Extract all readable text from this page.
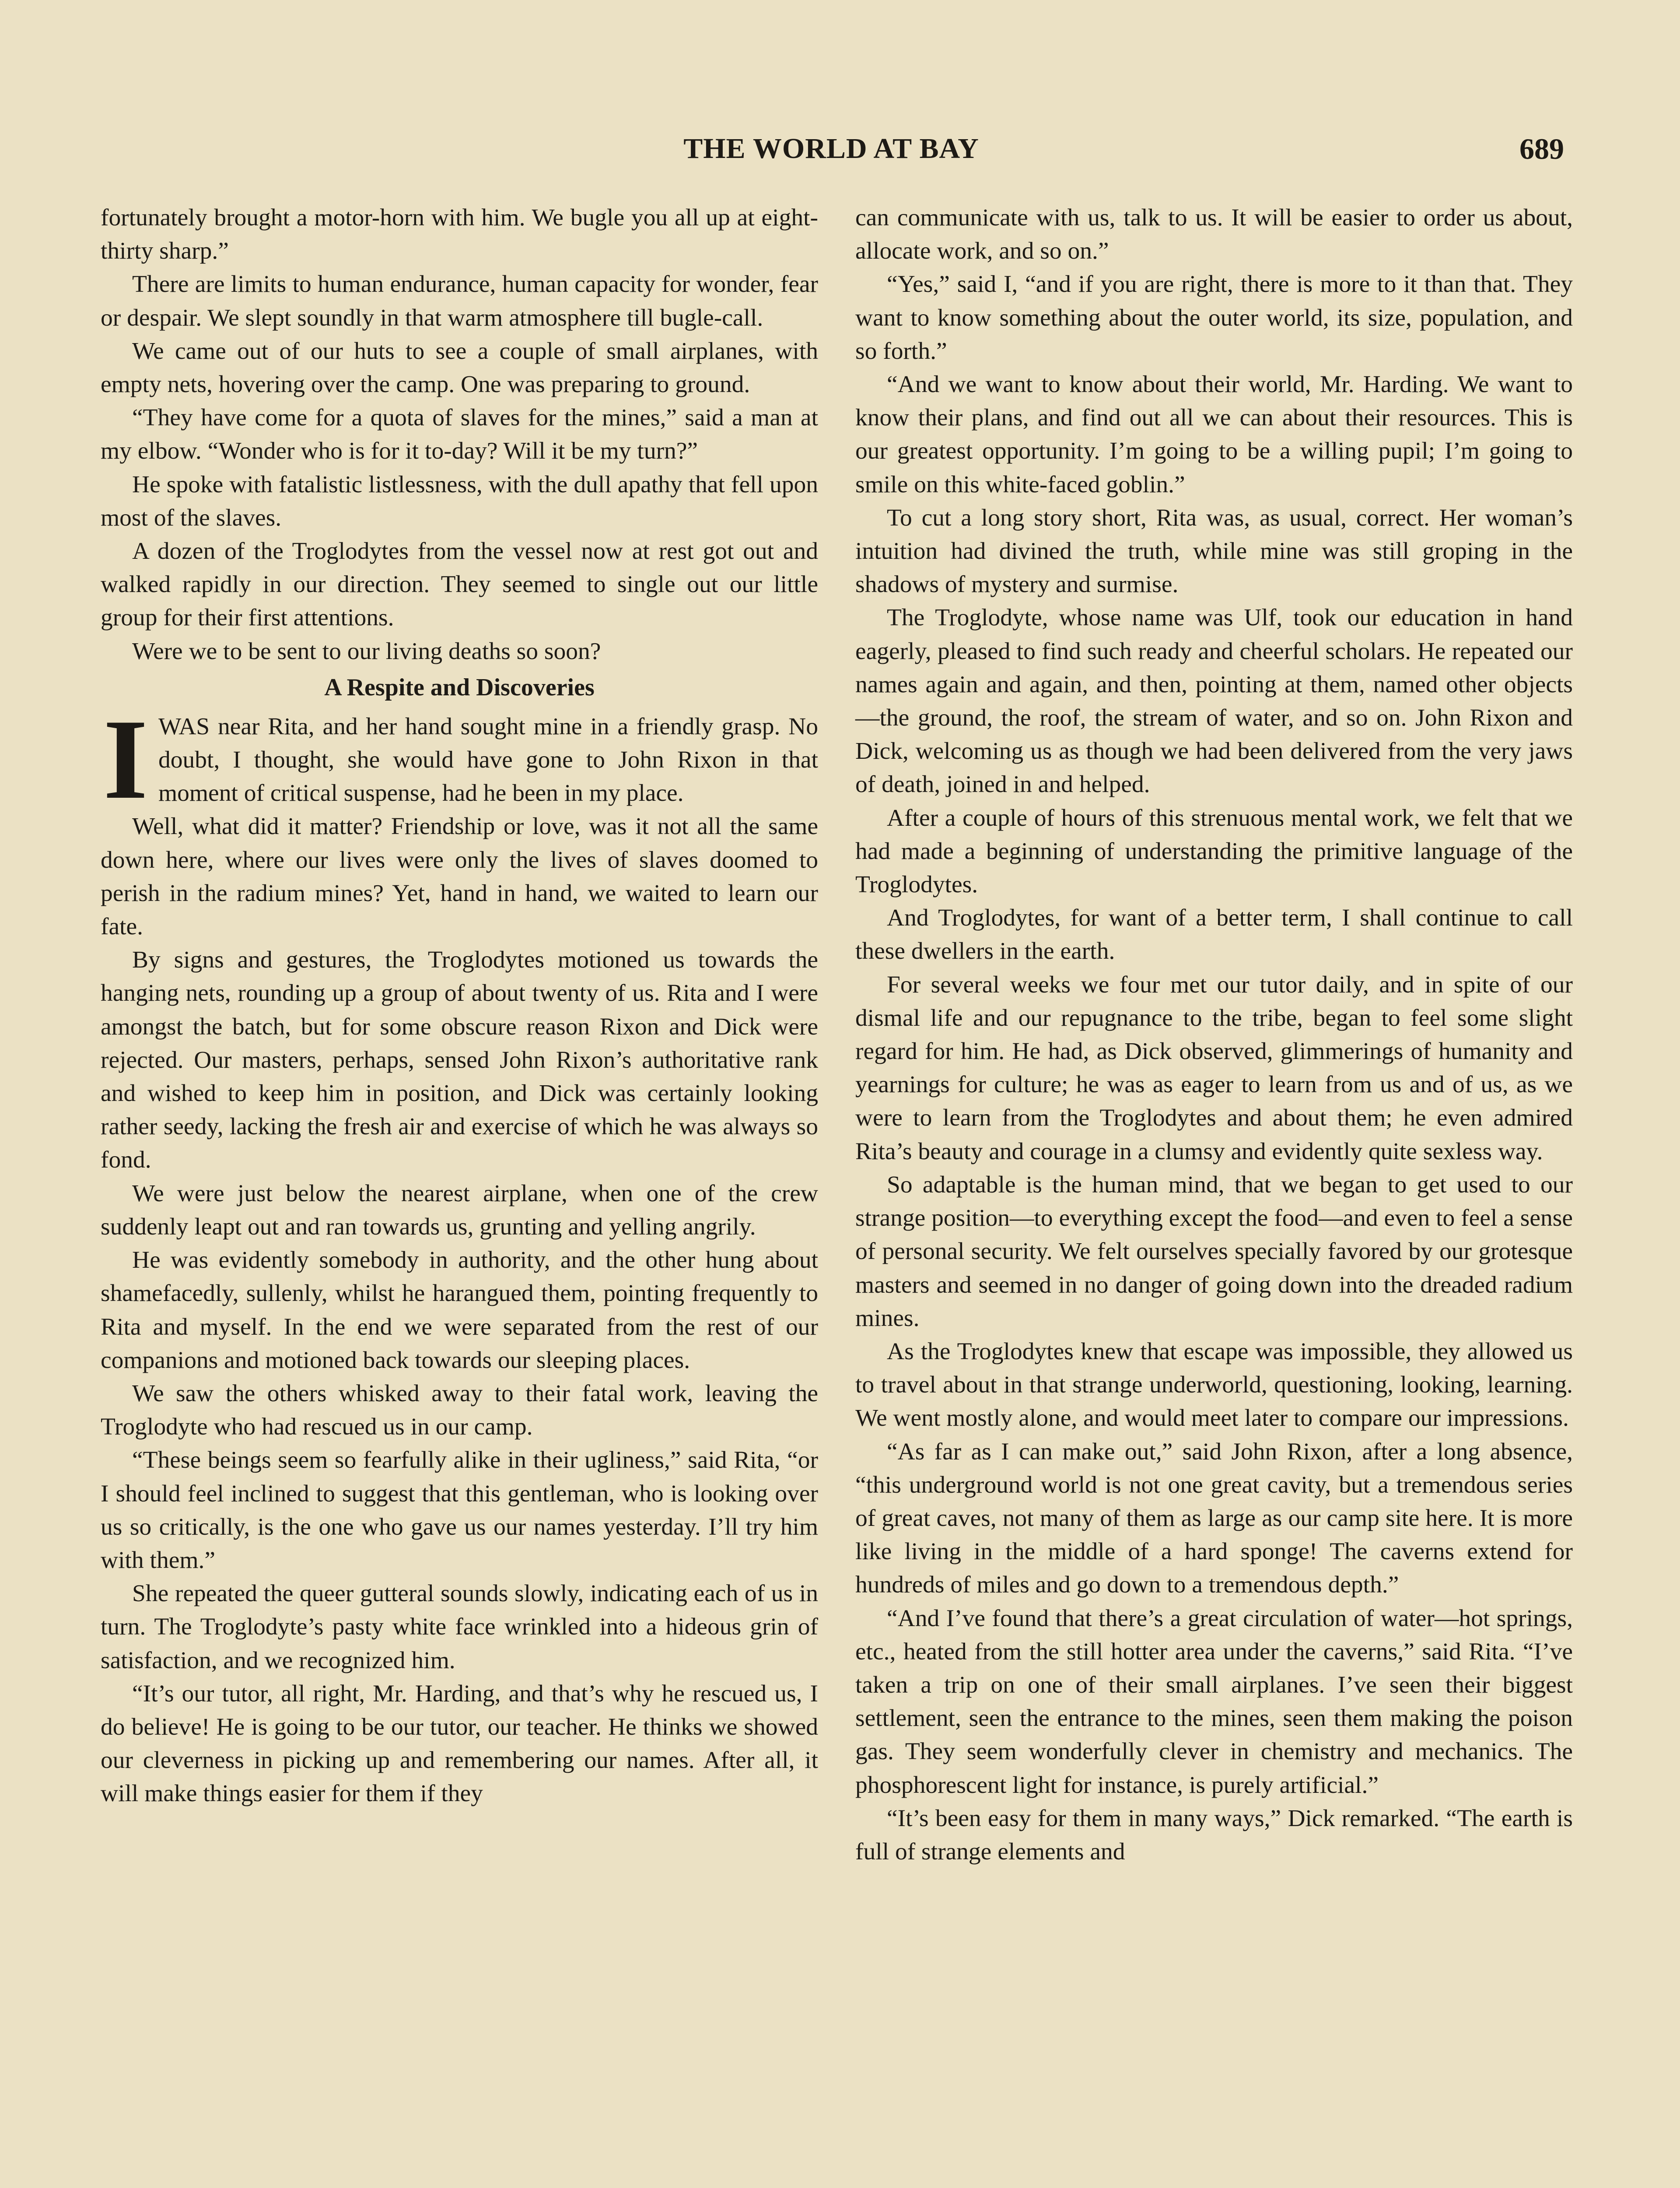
THE WORLD AT BAY	689

fortunately brought a motor-horn with him. We bugle you all up at eight-thirty sharp.”

There are limits to human endurance, human capacity for wonder, fear or despair. We slept soundly in that warm atmosphere till bugle-call.

We came out of our huts to see a couple of small airplanes, with empty nets, hovering over the camp. One was preparing to ground.

“They have come for a quota of slaves for the mines,” said a man at my elbow. “Wonder who is for it to-day? Will it be my turn?”

He spoke with fatalistic listlessness, with the dull apathy that fell upon most of the slaves.

A dozen of the Troglodytes from the vessel now at rest got out and walked rapidly in our direction. They seemed to single out our little group for their first attentions.

Were we to be sent to our living deaths so soon?

A Respite and Discoveries

IWAS near Rita, and her hand sought mine in a friendly grasp. No doubt, I thought, she would have gone to John Rixon in that moment of critical suspense, had he been in my place.

Well, what did it matter? Friendship or love, was it not all the same down here, where our lives were only the lives of slaves doomed to perish in the radium mines? Yet, hand in hand, we waited to learn our fate.

By signs and gestures, the Troglodytes motioned us towards the hanging nets, rounding up a group of about twenty of us. Rita and I were amongst the batch, but for some obscure reason Rixon and Dick were rejected. Our masters, perhaps, sensed John Rixon’s authoritative rank and wished to keep him in position, and Dick was certainly looking rather seedy, lacking the fresh air and exercise of which he was always so fond.

We were just below the nearest airplane, when one of the crew suddenly leapt out and ran towards us, grunting and yelling angrily.

He was evidently somebody in authority, and the other hung about shamefacedly, sullenly, whilst he harangued them, pointing frequently to Rita and myself. In the end we were separated from the rest of our companions and motioned back towards our sleeping places.

We saw the others whisked away to their fatal work, leaving the Troglodyte who had rescued us in our camp.

“These beings seem so fearfully alike in their ugliness,” said Rita, “or I should feel inclined to suggest that this gentleman, who is looking over us so critically, is the one who gave us our names yesterday. I’ll try him with them.”

She repeated the queer gutteral sounds slowly, indicating each of us in turn. The Troglodyte’s pasty white face wrinkled into a hideous grin of satisfaction, and we recognized him.

“It’s our tutor, all right, Mr. Harding, and that’s why he rescued us, I do believe! He is going to be our tutor, our teacher. He thinks we showed our cleverness in picking up and remembering our names. After all, it will make things easier for them if they

can communicate with us, talk to us. It will be easier to order us about, allocate work, and so on.”

“Yes,” said I, “and if you are right, there is more to it than that. They want to know something about the outer world, its size, population, and so forth.”

“And we want to know about their world, Mr. Harding. We want to know their plans, and find out all we can about their resources. This is our greatest opportunity. I’m going to be a willing pupil; I’m going to smile on this white-faced goblin.”

To cut a long story short, Rita was, as usual, correct. Her woman’s intuition had divined the truth, while mine was still groping in the shadows of mystery and surmise.

The Troglodyte, whose name was Ulf, took our education in hand eagerly, pleased to find such ready and cheerful scholars. He repeated our names again and again, and then, pointing at them, named other objects—the ground, the roof, the stream of water, and so on. John Rixon and Dick, welcoming us as though we had been delivered from the very jaws of death, joined in and helped.

After a couple of hours of this strenuous mental work, we felt that we had made a beginning of understanding the primitive language of the Troglodytes.

And Troglodytes, for want of a better term, I shall continue to call these dwellers in the earth.

For several weeks we four met our tutor daily, and in spite of our dismal life and our repugnance to the tribe, began to feel some slight regard for him. He had, as Dick observed, glimmerings of humanity and yearnings for culture; he was as eager to learn from us and of us, as we were to learn from the Troglodytes and about them; he even admired Rita’s beauty and courage in a clumsy and evidently quite sexless way.

So adaptable is the human mind, that we began to get used to our strange position—to everything except the food—and even to feel a sense of personal security. We felt ourselves specially favored by our grotesque masters and seemed in no danger of going down into the dreaded radium mines.

As the Troglodytes knew that escape was impossible, they allowed us to travel about in that strange underworld, questioning, looking, learning. We went mostly alone, and would meet later to compare our impressions.

“As far as I can make out,” said John Rixon, after a long absence, “this underground world is not one great cavity, but a tremendous series of great caves, not many of them as large as our camp site here. It is more like living in the middle of a hard sponge! The caverns extend for hundreds of miles and go down to a tremendous depth.”

“And I’ve found that there’s a great circulation of water—hot springs, etc., heated from the still hotter area under the caverns,” said Rita. “I’ve taken a trip on one of their small airplanes. I’ve seen their biggest settlement, seen the entrance to the mines, seen them making the poison gas. They seem wonderfully clever in chemistry and mechanics. The phosphorescent light for instance, is purely artificial.”

“It’s been easy for them in many ways,” Dick remarked. “The earth is full of strange elements and
